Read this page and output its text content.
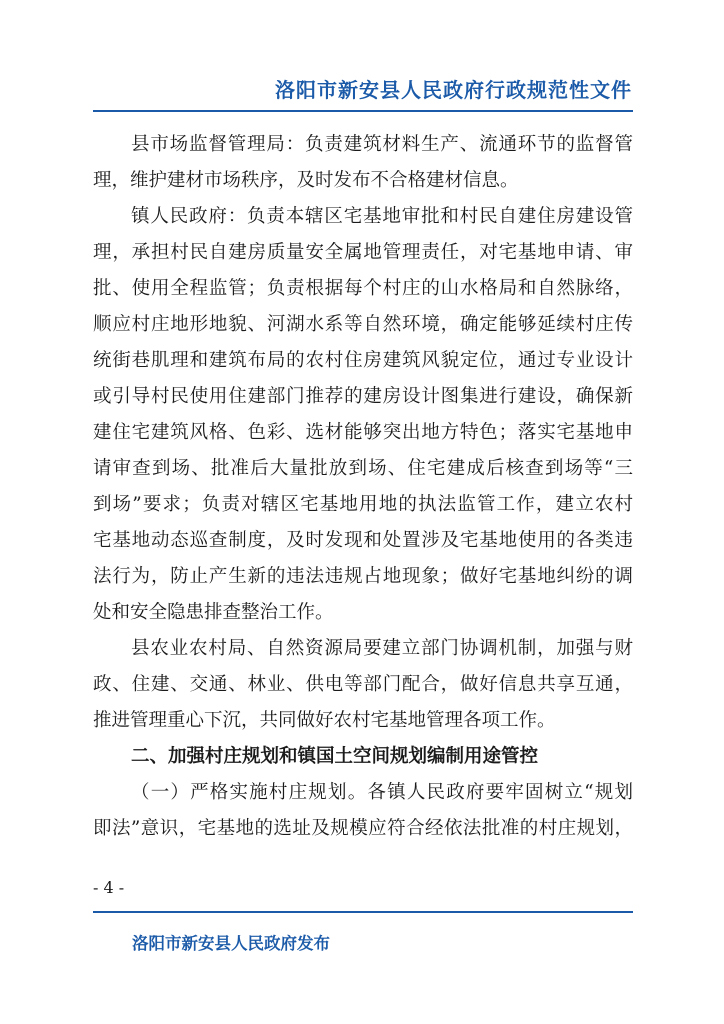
洛阳市新安县人民政府行政规范性文件
县市场监督管理局：负责建筑材料生产、流通环节的监督管
理，维护建材市场秩序，及时发布不合格建材信息。
镇人民政府：负责本辖区宅基地审批和村民自建住房建设管
理，承担村民自建房质量安全属地管理责任，对宅基地申请、审
批、使用全程监管；负责根据每个村庄的山水格局和自然脉络，
顺应村庄地形地貌、河湖水系等自然环境，确定能够延续村庄传
统街巷肌理和建筑布局的农村住房建筑风貌定位，通过专业设计
或引导村民使用住建部门推荐的建房设计图集进行建设，确保新
建住宅建筑风格、色彩、选材能够突出地方特色；落实宅基地申
请审查到场、批准后大量批放到场、住宅建成后核查到场等“三
到场”要求；负责对辖区宅基地用地的执法监管工作，建立农村
宅基地动态巡查制度，及时发现和处置涉及宅基地使用的各类违
法行为，防止产生新的违法违规占地现象；做好宅基地纠纷的调
处和安全隐患排查整治工作。
县农业农村局、自然资源局要建立部门协调机制，加强与财
政、住建、交通、林业、供电等部门配合，做好信息共享互通，
推进管理重心下沉，共同做好农村宅基地管理各项工作。
二、加强村庄规划和镇国土空间规划编制用途管控
（一）严格实施村庄规划。各镇人民政府要牢固树立“规划
即法”意识，宅基地的选址及规模应符合经依法批准的村庄规划，
- 4 -
洛阳市新安县人民政府发布
